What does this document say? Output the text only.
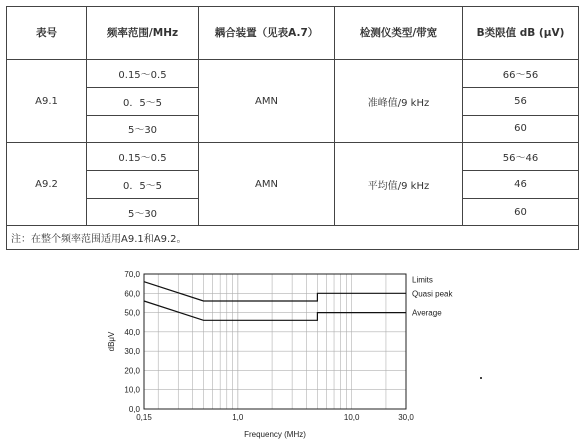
表号	频率范围/MHz	耦合装置（见表A.7）	检测仪类型/带宽	B类限值 dB (μV)
A9.1	0.15～0.5	AMN	准峰值/9 kHz	66～56
	0．5～5			56
	5～30			60
A9.2	0.15～0.5	AMN	平均值/9 kHz	56～46
	0．5～5			46
	5～30			60
注：在整个频率范围适用A9.1和A9.2。				
0,0
10,0
20,0
30,0
40,0
50,0
60,0
70,0
0,15	1,0	10,0	30,0
Frequency (MHz)
dBμV
Limits
Quasi peak
Average
